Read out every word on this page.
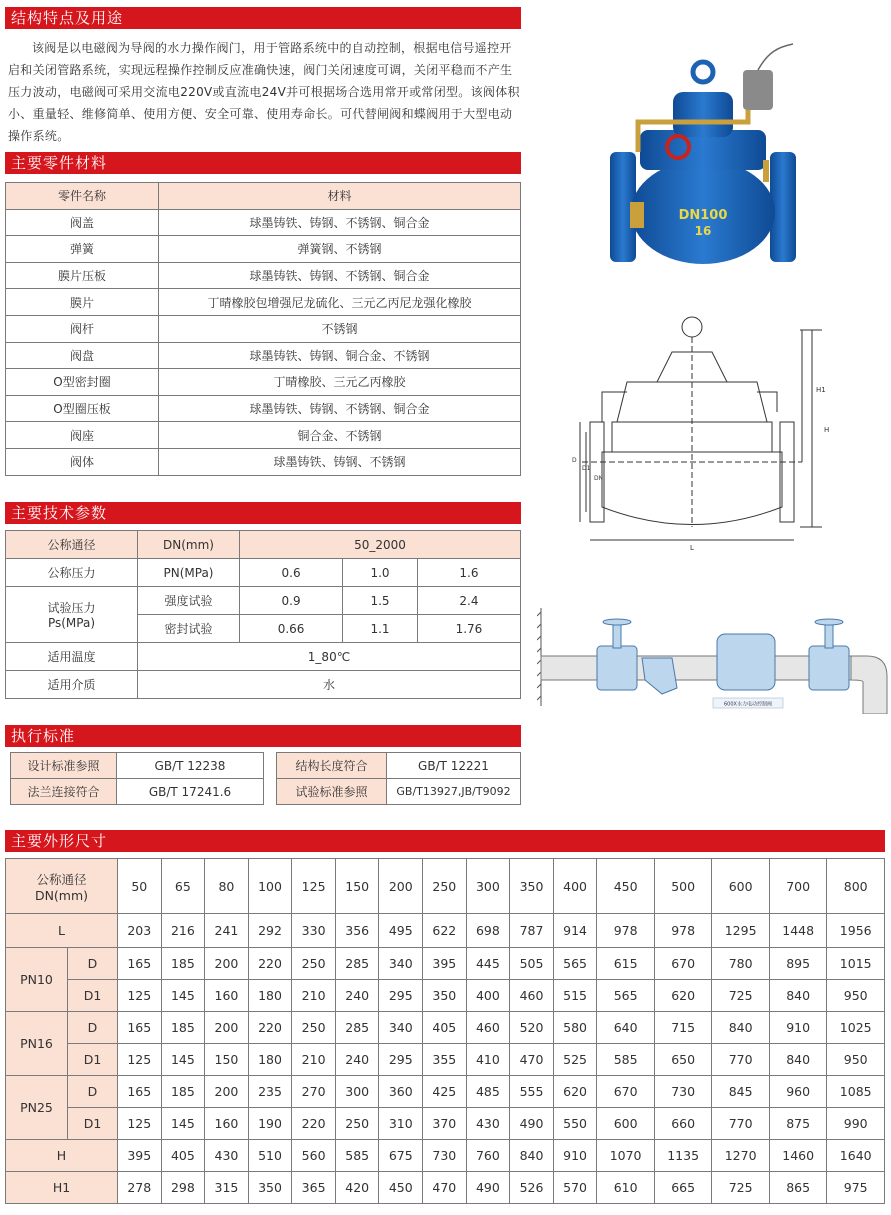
结构特点及用途
该阀是以电磁阀为导阀的水力操作阀门，用于管路系统中的自动控制，根据电信号遥控开启和关闭管路系统，实现远程操作控制反应准确快速，阀门关闭速度可调，关闭平稳而不产生压力波动，电磁阀可采用交流电220V或直流电24V并可根据场合选用常开或常闭型。该阀体积小、重量轻、维修简单、使用方便、安全可靠、使用寿命长。可代替闸阀和蝶阀用于大型电动操作系统。
主要零件材料
零件名称	材料
阀盖	球墨铸铁、铸钢、不锈钢、铜合金
弹簧	弹簧钢、不锈钢
膜片压板	球墨铸铁、铸钢、不锈钢、铜合金
膜片	丁晴橡胶包增强尼龙硫化、三元乙丙尼龙强化橡胶
阀杆	不锈钢
阀盘	球墨铸铁、铸钢、铜合金、不锈钢
O型密封圈	丁晴橡胶、三元乙丙橡胶
O型圈压板	球墨铸铁、铸钢、不锈钢、铜合金
阀座	铜合金、不锈钢
阀体	球墨铸铁、铸钢、不锈钢
主要技术参数
公称通径	DN(mm)	50_2000		
公称压力	PN(MPa)	0.6	1.0	1.6

试验压力
Ps(MPa)	强度试验	0.9	1.5	2.4
	密封试验	0.66	1.1	1.76
适用温度	1_80℃			
适用介质	水			
执行标准
设计标准参照	GB/T 12238
法兰连接符合	GB/T 17241.6
结构长度符合	GB/T 12221
试验标准参照	GB/T13927,JB/T9092
主要外形尺寸
公称通径
DN(mm)		50	65	80	100	125	150	200	250	300	350	400	450	500	600	700	800
L		203	216	241	292	330	356	495	622	698	787	914	978	978	1295	1448	1956
PN10	D	165	185	200	220	250	285	340	395	445	505	565	615	670	780	895	1015
	D1	125	145	160	180	210	240	295	350	400	460	515	565	620	725	840	950
PN16	D	165	185	200	220	250	285	340	405	460	520	580	640	715	840	910	1025
	D1	125	145	150	180	210	240	295	355	410	470	525	585	650	770	840	950
PN25	D	165	185	200	235	270	300	360	425	485	555	620	670	730	845	960	1085
	D1	125	145	160	190	220	250	310	370	430	490	550	600	660	770	875	990
H		395	405	430	510	560	585	675	730	760	840	910	1070	1135	1270	1460	1640
H1		278	298	315	350	365	420	450	470	490	526	570	610	665	725	865	975
DN100
16
H1
H
L
D
D1
DN
600X水力电动控制阀
